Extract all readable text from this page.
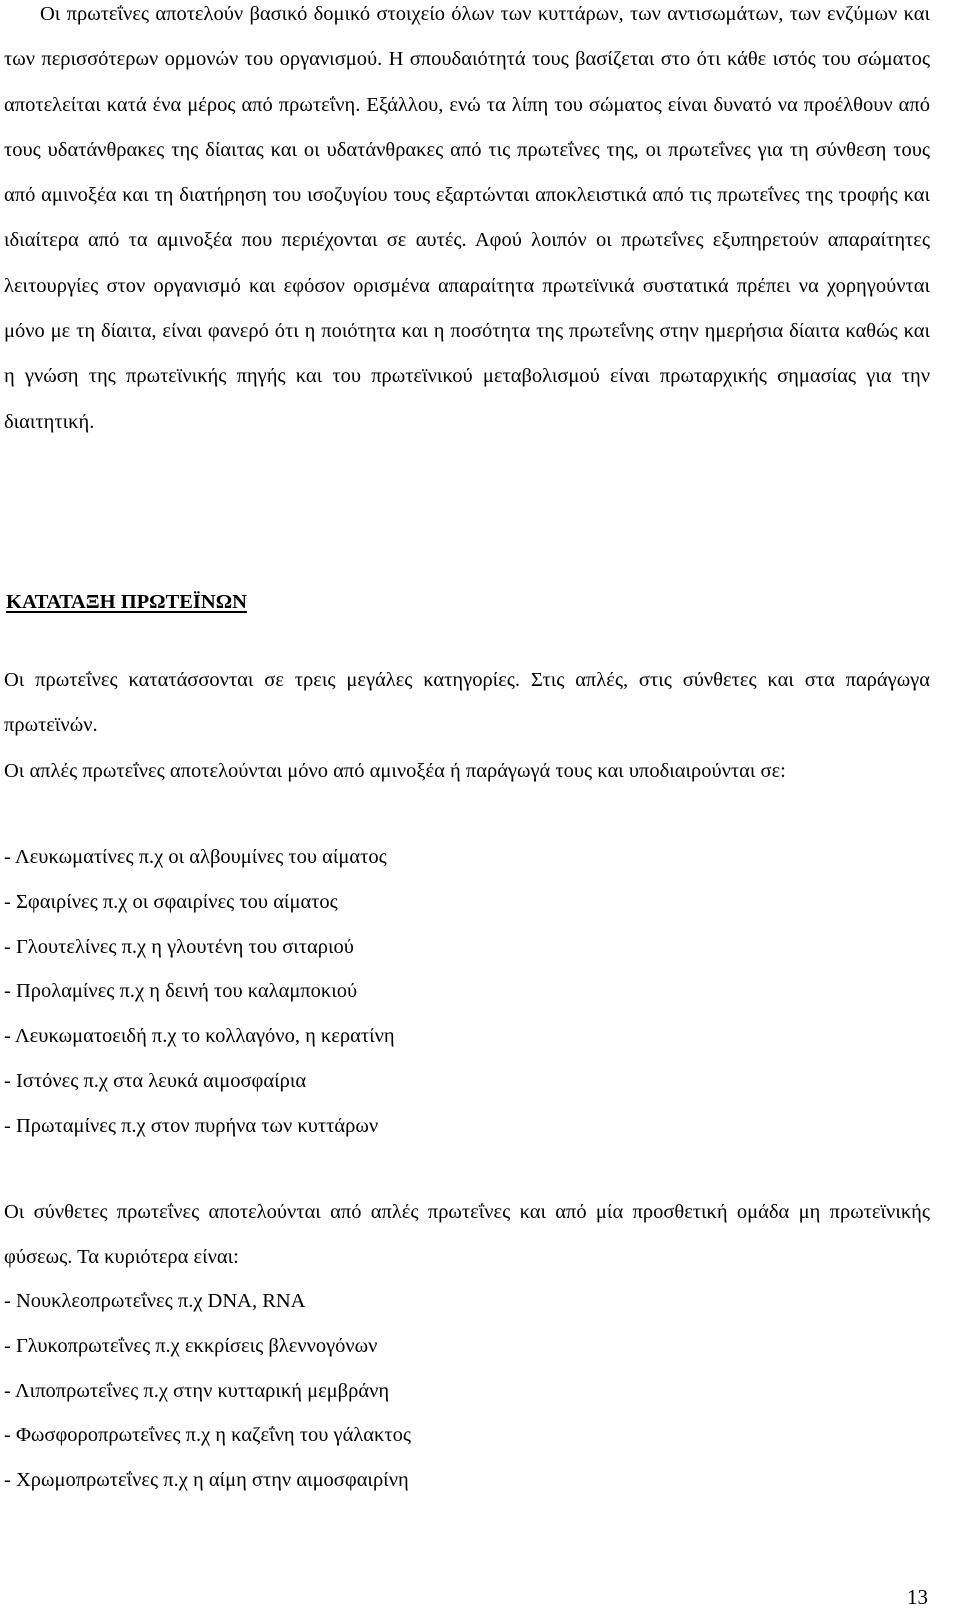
Οι πρωτεΐνες αποτελούν βασικό δομικό στοιχείο όλων των κυττάρων, των αντισωμάτων, των ενζύμων και των περισσότερων ορμονών του οργανισμού. Η σπουδαιότητά τους βασίζεται στο ότι κάθε ιστός του σώματος αποτελείται κατά ένα μέρος από πρωτεΐνη. Εξάλλου, ενώ τα λίπη του σώματος είναι δυνατό να προέλθουν από τους υδατάνθρακες της δίαιτας και οι υδατάνθρακες από τις πρωτεΐνες της, οι πρωτεΐνες για τη σύνθεση τους από αμινοξέα και τη διατήρηση του ισοζυγίου τους εξαρτώνται αποκλειστικά από τις πρωτεΐνες της τροφής και ιδιαίτερα από τα αμινοξέα που περιέχονται σε αυτές. Αφού λοιπόν οι πρωτεΐνες εξυπηρετούν απαραίτητες λειτουργίες στον οργανισμό και εφόσον ορισμένα απαραίτητα πρωτεϊνικά συστατικά πρέπει να χορηγούνται μόνο με τη δίαιτα, είναι φανερό ότι η ποιότητα και η ποσότητα της πρωτεΐνης στην ημερήσια δίαιτα καθώς και η γνώση της πρωτεϊνικής πηγής και του πρωτεϊνικού μεταβολισμού είναι πρωταρχικής σημασίας για την διαιτητική.

ΚΑΤΑΤΑΞΗ ΠΡΩΤΕΪΝΩΝ

Οι πρωτεΐνες κατατάσσονται σε τρεις μεγάλες κατηγορίες. Στις απλές, στις σύνθετες και στα παράγωγα πρωτεϊνών.
Οι απλές πρωτεΐνες αποτελούνται μόνο από αμινοξέα ή παράγωγά τους και υποδιαιρούνται σε:

- Λευκωματίνες π.χ οι αλβουμίνες του αίματος
- Σφαιρίνες π.χ οι σφαιρίνες του αίματος
- Γλουτελίνες π.χ η γλουτένη του σιταριού
- Προλαμίνες π.χ η δεινή του καλαμποκιού
- Λευκωματοειδή π.χ το κολλαγόνο, η κερατίνη
- Ιστόνες π.χ στα λευκά αιμοσφαίρια
- Πρωταμίνες π.χ στον πυρήνα των κυττάρων

Οι σύνθετες πρωτεΐνες αποτελούνται από απλές πρωτεΐνες και από μία προσθετική ομάδα μη πρωτεϊνικής φύσεως. Τα κυριότερα είναι:

- Νουκλεοπρωτεΐνες π.χ DNA, RNA
- Γλυκοπρωτεΐνες π.χ εκκρίσεις βλεννογόνων
- Λιποπρωτεΐνες π.χ στην κυτταρική μεμβράνη
- Φωσφοροπρωτεΐνες π.χ η καζεΐνη του γάλακτος
- Χρωμοπρωτεΐνες π.χ η αίμη στην αιμοσφαιρίνη
13
